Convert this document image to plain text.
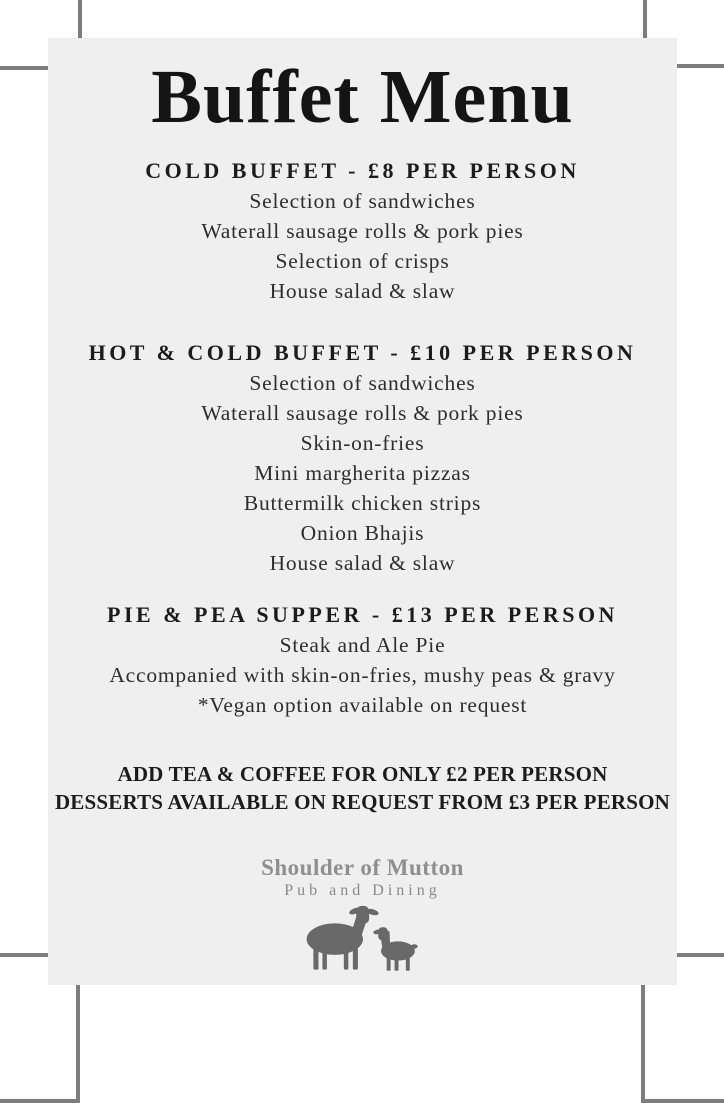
Buffet Menu
COLD BUFFET - £8 PER PERSON
Selection of sandwiches
Waterall sausage rolls & pork pies
Selection of crisps
House salad & slaw
HOT & COLD BUFFET - £10 PER PERSON
Selection of sandwiches
Waterall sausage rolls & pork pies
Skin-on-fries
Mini margherita pizzas
Buttermilk chicken strips
Onion Bhajis
House salad & slaw
PIE & PEA SUPPER - £13 PER PERSON
Steak and Ale Pie
Accompanied with skin-on-fries, mushy peas & gravy
*Vegan option available on request
ADD TEA & COFFEE FOR ONLY £2 PER PERSON
DESSERTS AVAILABLE ON REQUEST FROM £3 PER PERSON
Shoulder of Mutton
Pub and Dining
